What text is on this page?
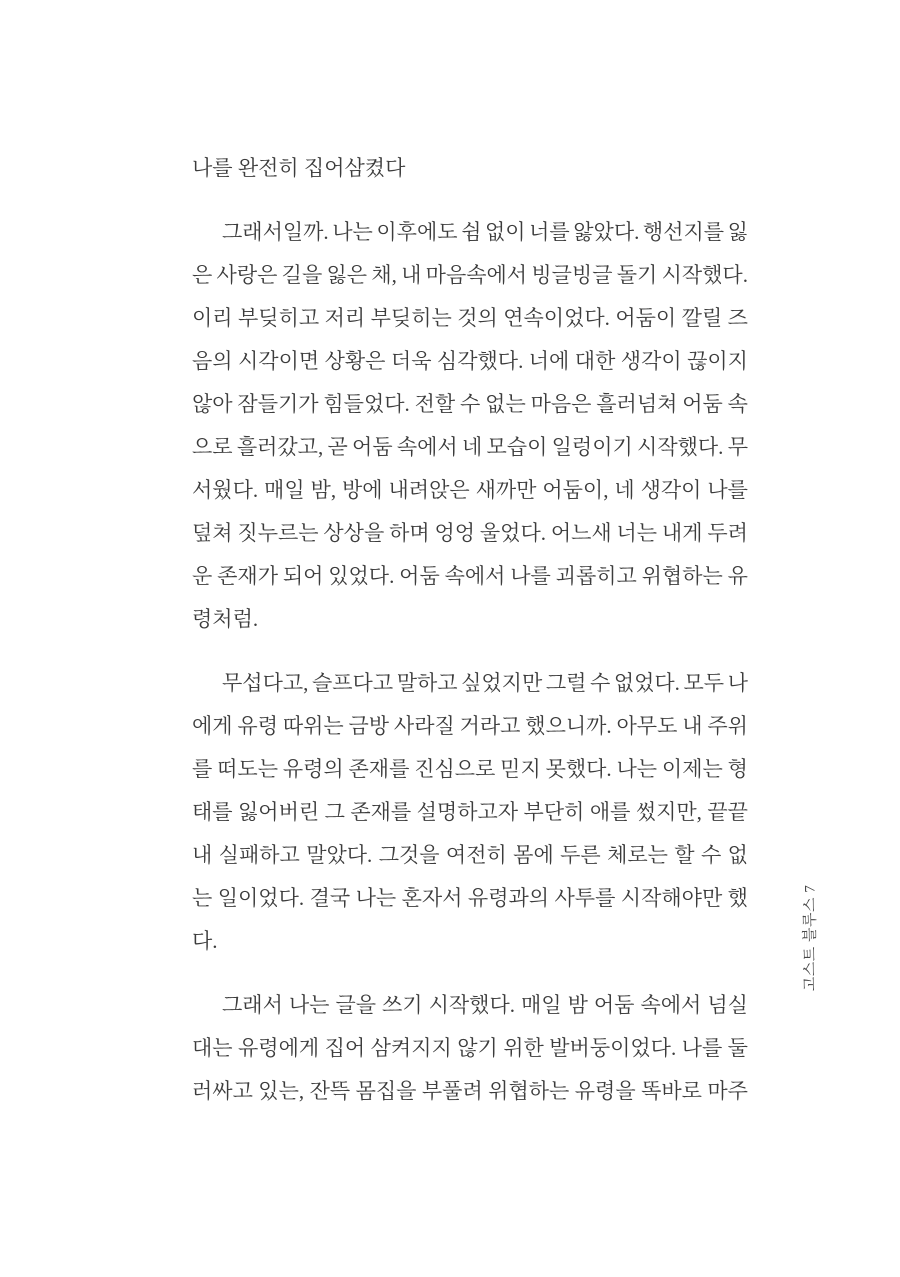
나를 완전히 집어삼켰다
그래서일까. 나는 이후에도 쉼 없이 너를 앓았다. 행선지를 잃
은 사랑은 길을 잃은 채, 내 마음속에서 빙글빙글 돌기 시작했다.
이리 부딪히고 저리 부딪히는 것의 연속이었다. 어둠이 깔릴 즈
음의 시각이면 상황은 더욱 심각했다. 너에 대한 생각이 끊이지
않아 잠들기가 힘들었다. 전할 수 없는 마음은 흘러넘쳐 어둠 속
으로 흘러갔고, 곧 어둠 속에서 네 모습이 일렁이기 시작했다. 무
서웠다. 매일 밤, 방에 내려앉은 새까만 어둠이, 네 생각이 나를
덮쳐 짓누르는 상상을 하며 엉엉 울었다. 어느새 너는 내게 두려
운 존재가 되어 있었다. 어둠 속에서 나를 괴롭히고 위협하는 유
령처럼.
무섭다고, 슬프다고 말하고 싶었지만 그럴 수 없었다. 모두 나
에게 유령 따위는 금방 사라질 거라고 했으니까. 아무도 내 주위
를 떠도는 유령의 존재를 진심으로 믿지 못했다. 나는 이제는 형
태를 잃어버린 그 존재를 설명하고자 부단히 애를 썼지만, 끝끝
내 실패하고 말았다. 그것을 여전히 몸에 두른 체로는 할 수 없
는 일이었다. 결국 나는 혼자서 유령과의 사투를 시작해야만 했
다.
그래서 나는 글을 쓰기 시작했다. 매일 밤 어둠 속에서 넘실
대는 유령에게 집어 삼켜지지 않기 위한 발버둥이었다. 나를 둘
러싸고 있는, 잔뜩 몸집을 부풀려 위협하는 유령을 똑바로 마주
고스트 블루스 7
